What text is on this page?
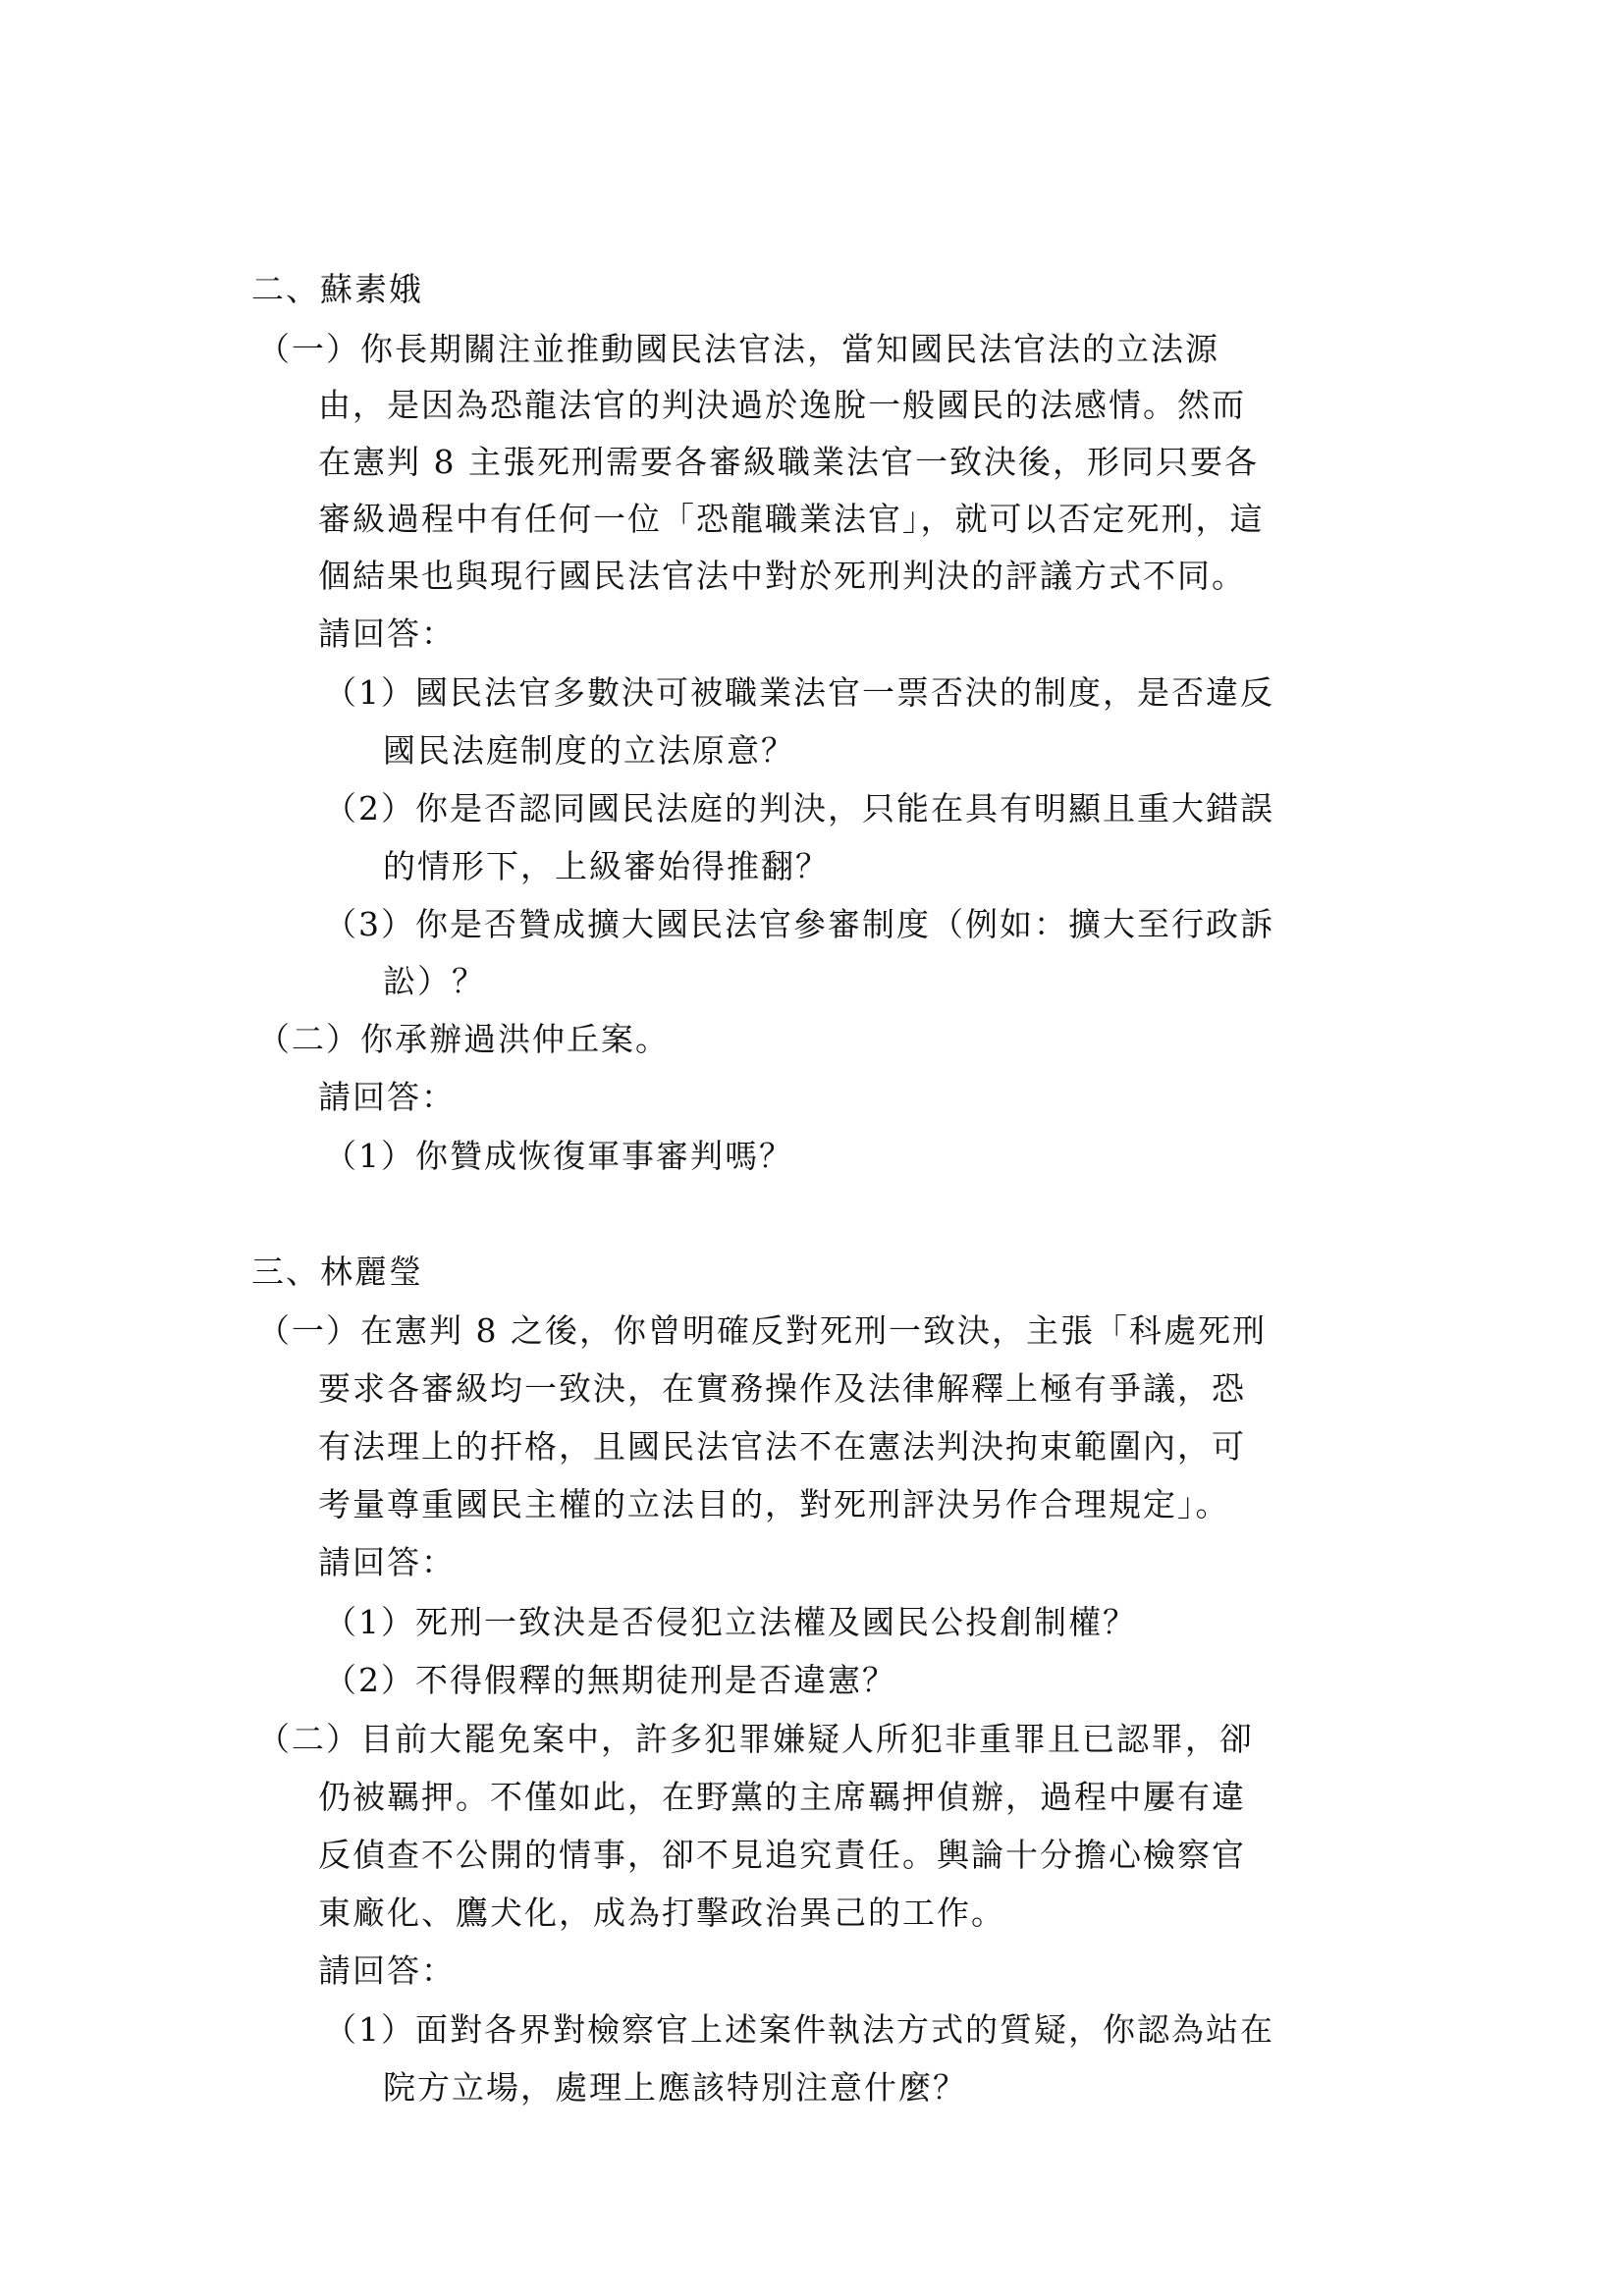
二、蘇素娥
（一）你長期關注並推動國民法官法，當知國民法官法的立法源
由，是因為恐龍法官的判決過於逸脫一般國民的法感情。然而
在憲判 8 主張死刑需要各審級職業法官一致決後，形同只要各
審級過程中有任何一位「恐龍職業法官」，就可以否定死刑，這
個結果也與現行國民法官法中對於死刑判決的評議方式不同。
請回答：
（1）國民法官多數決可被職業法官一票否決的制度，是否違反
國民法庭制度的立法原意？
（2）你是否認同國民法庭的判決，只能在具有明顯且重大錯誤
的情形下，上級審始得推翻？
（3）你是否贊成擴大國民法官參審制度（例如：擴大至行政訴
訟）？
（二）你承辦過洪仲丘案。
請回答：
（1）你贊成恢復軍事審判嗎？
三、林麗瑩
（一）在憲判 8 之後，你曾明確反對死刑一致決，主張「科處死刑
要求各審級均一致決，在實務操作及法律解釋上極有爭議，恐
有法理上的扞格，且國民法官法不在憲法判決拘束範圍內，可
考量尊重國民主權的立法目的，對死刑評決另作合理規定」。
請回答：
（1）死刑一致決是否侵犯立法權及國民公投創制權？
（2）不得假釋的無期徒刑是否違憲？
（二）目前大罷免案中，許多犯罪嫌疑人所犯非重罪且已認罪，卻
仍被羈押。不僅如此，在野黨的主席羈押偵辦，過程中屢有違
反偵查不公開的情事，卻不見追究責任。輿論十分擔心檢察官
東廠化、鷹犬化，成為打擊政治異己的工作。
請回答：
（1）面對各界對檢察官上述案件執法方式的質疑，你認為站在
院方立場，處理上應該特別注意什麼？
